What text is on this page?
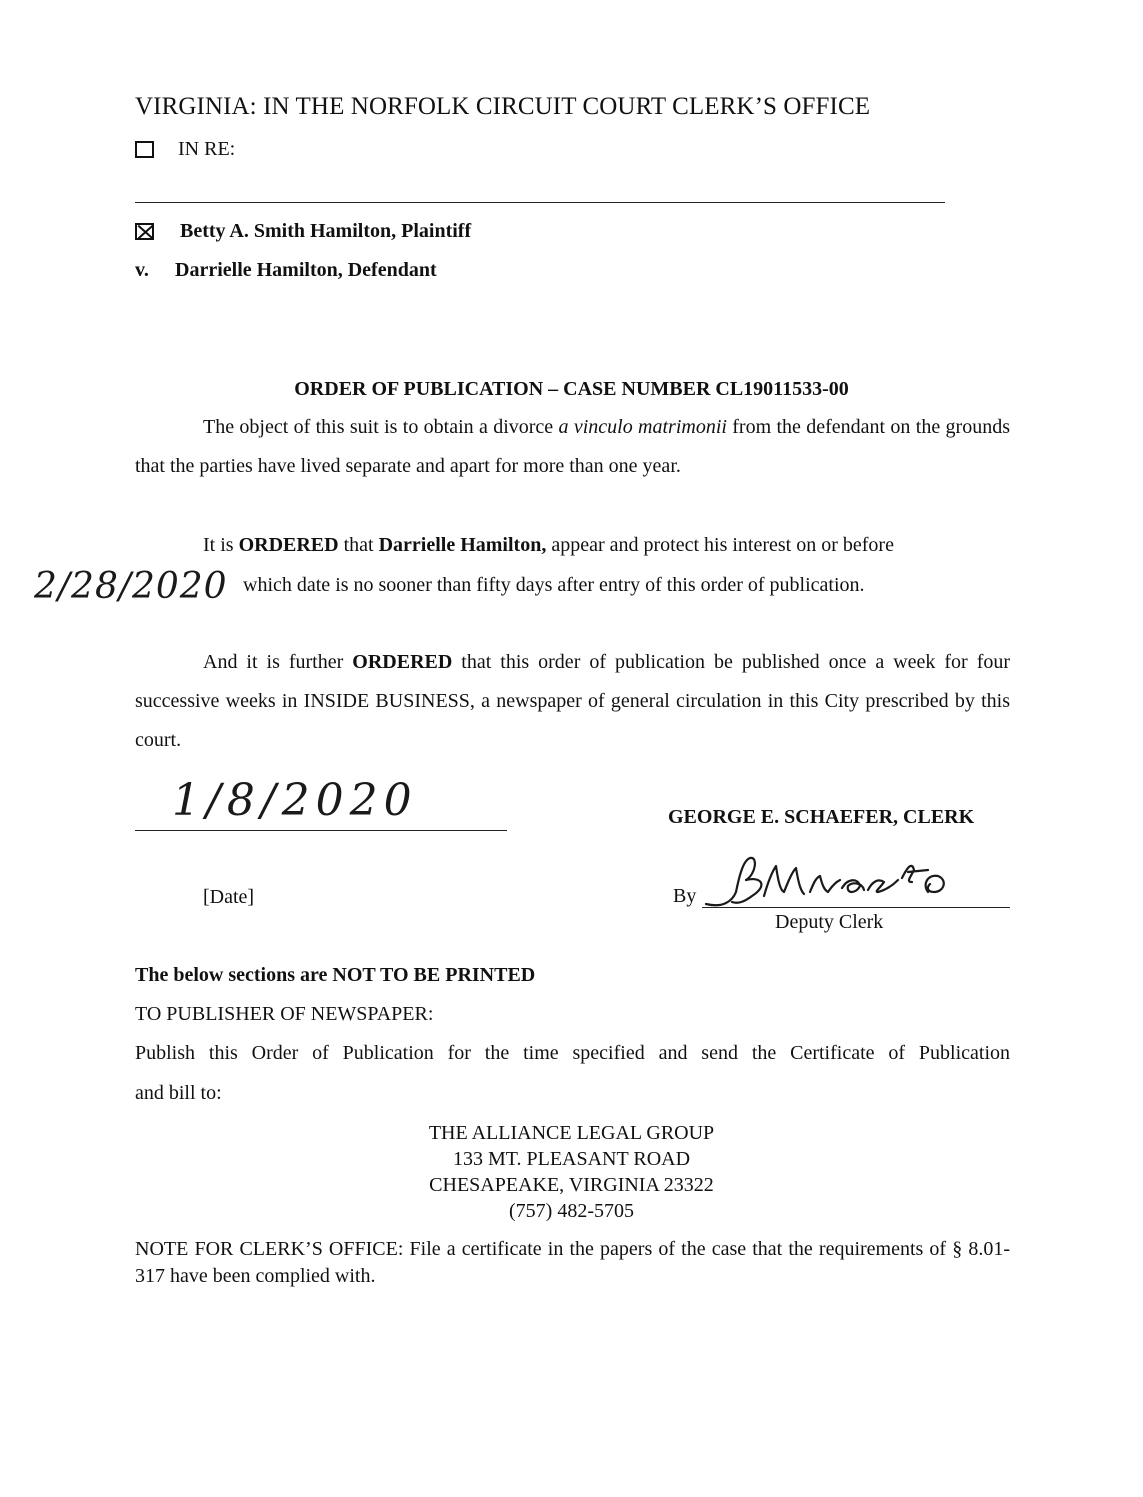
VIRGINIA: IN THE NORFOLK CIRCUIT COURT CLERK’S OFFICE
IN RE:
Betty A. Smith Hamilton, Plaintiff
v.	Darrielle Hamilton, Defendant
ORDER OF PUBLICATION – CASE NUMBER CL19011533-00
The object of this suit is to obtain a divorce a vinculo matrimonii from the defendant on the grounds that the parties have lived separate and apart for more than one year.
It is ORDERED that Darrielle Hamilton, appear and protect his interest on or before
2/28/2020 which date is no sooner than fifty days after entry of this order of publication.
And it is further ORDERED that this order of publication be published once a week for four successive weeks in INSIDE BUSINESS, a newspaper of general circulation in this City prescribed by this court.
1/8/2020	GEORGE E. SCHAEFER, CLERK
[Date]	By
Deputy Clerk
The below sections are NOT TO BE PRINTED
TO PUBLISHER OF NEWSPAPER:
Publish this Order of Publication for the time specified and send the Certificate of Publication
and bill to:
THE ALLIANCE LEGAL GROUP
133 MT. PLEASANT ROAD
CHESAPEAKE, VIRGINIA 23322
(757) 482-5705
NOTE FOR CLERK’S OFFICE: File a certificate in the papers of the case that the requirements of § 8.01-317 have been complied with.
